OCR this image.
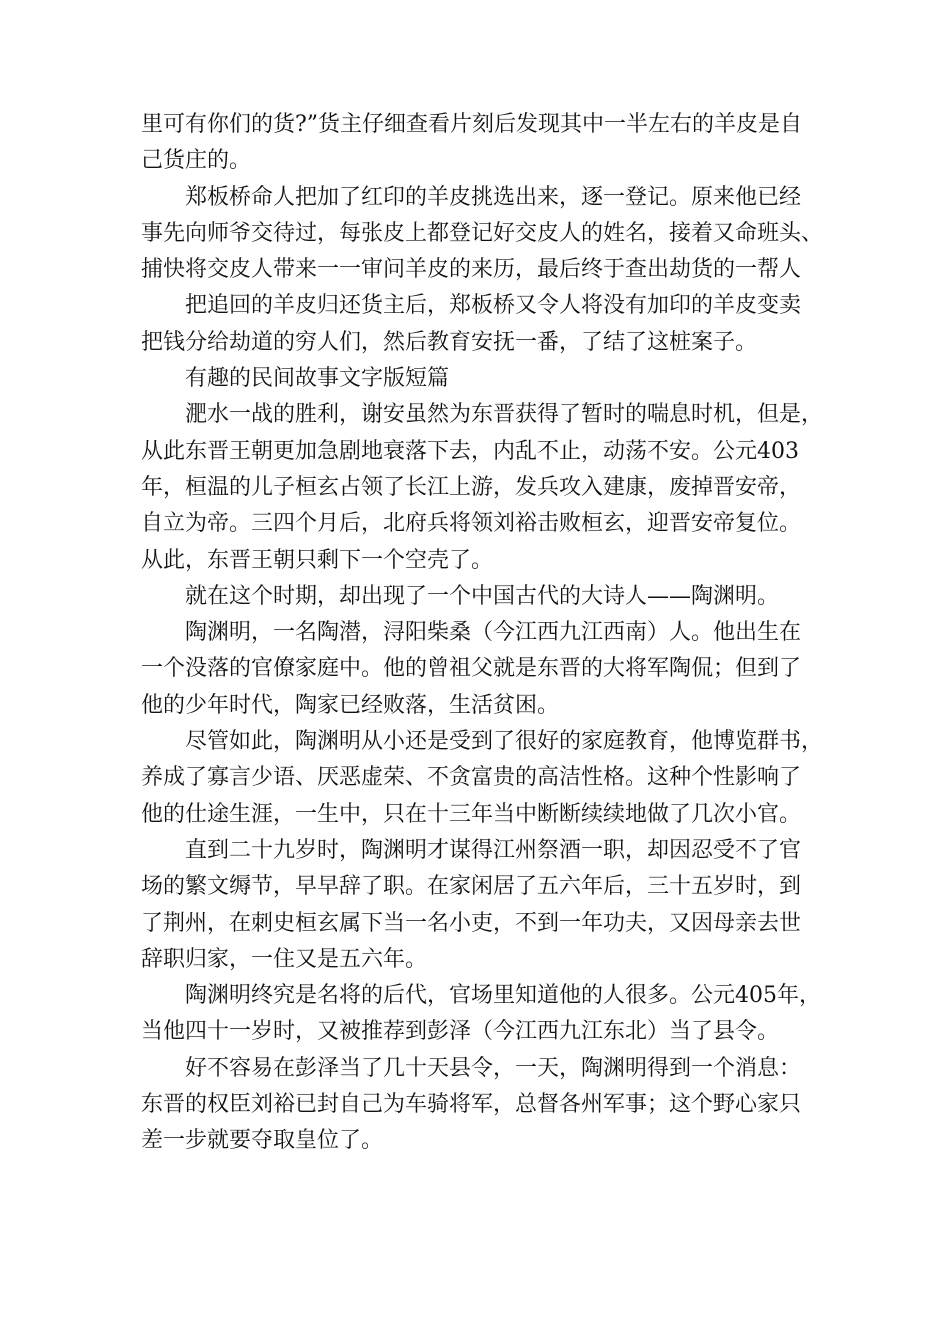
里可有你们的货?”货主仔细查看片刻后发现其中一半左右的羊皮是自

己货庄的。

郑板桥命人把加了红印的羊皮挑选出来，逐一登记。原来他已经

事先向师爷交待过，每张皮上都登记好交皮人的姓名，接着又命班头、

捕快将交皮人带来一一审问羊皮的来历，最后终于查出劫货的一帮人

把追回的羊皮归还货主后，郑板桥又令人将没有加印的羊皮变卖

把钱分给劫道的穷人们，然后教育安抚一番，了结了这桩案子。

有趣的民间故事文字版短篇

淝水一战的胜利，谢安虽然为东晋获得了暂时的喘息时机，但是，

从此东晋王朝更加急剧地衰落下去，内乱不止，动荡不安。公元403

年，桓温的儿子桓玄占领了长江上游，发兵攻入建康，废掉晋安帝，

自立为帝。三四个月后，北府兵将领刘裕击败桓玄，迎晋安帝复位。

从此，东晋王朝只剩下一个空壳了。

就在这个时期，却出现了一个中国古代的大诗人——陶渊明。

陶渊明，一名陶潜，浔阳柴桑（今江西九江西南）人。他出生在

一个没落的官僚家庭中。他的曾祖父就是东晋的大将军陶侃；但到了

他的少年时代，陶家已经败落，生活贫困。

尽管如此，陶渊明从小还是受到了很好的家庭教育，他博览群书，

养成了寡言少语、厌恶虚荣、不贪富贵的高洁性格。这种个性影响了

他的仕途生涯，一生中，只在十三年当中断断续续地做了几次小官。

直到二十九岁时，陶渊明才谋得江州祭酒一职，却因忍受不了官

场的繁文缛节，早早辞了职。在家闲居了五六年后，三十五岁时，到

了荆州，在刺史桓玄属下当一名小吏，不到一年功夫，又因母亲去世

辞职归家，一住又是五六年。

陶渊明终究是名将的后代，官场里知道他的人很多。公元405年，

当他四十一岁时，又被推荐到彭泽（今江西九江东北）当了县令。

好不容易在彭泽当了几十天县令，一天，陶渊明得到一个消息：

东晋的权臣刘裕已封自己为车骑将军，总督各州军事；这个野心家只

差一步就要夺取皇位了。
